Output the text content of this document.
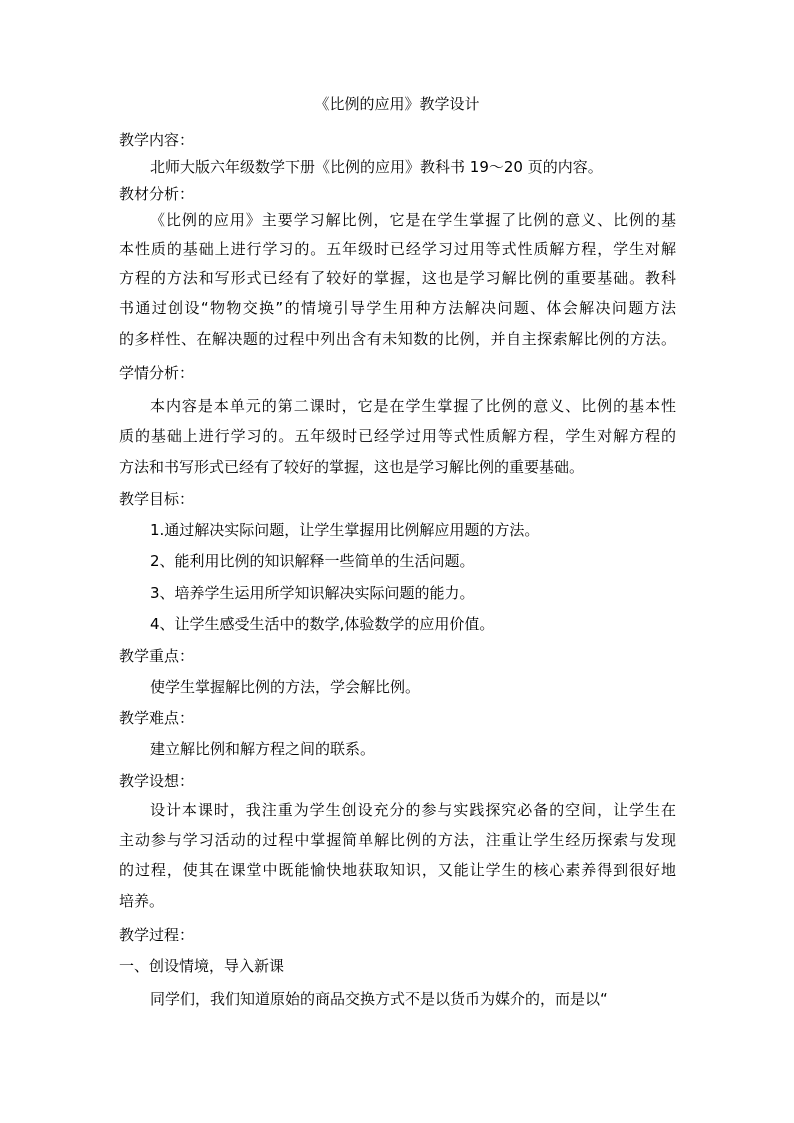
《比例的应用》教学设计
教学内容：
北师大版六年级数学下册《比例的应用》教科书 19～20 页的内容。
教材分析：
《比例的应用》主要学习解比例，它是在学生掌握了比例的意义、比例的基
本性质的基础上进行学习的。五年级时已经学习过用等式性质解方程，学生对解
方程的方法和写形式已经有了较好的掌握，这也是学习解比例的重要基础。教科
书通过创设“物物交换”的情境引导学生用种方法解决问题、体会解决问题方法
的多样性、在解决题的过程中列出含有未知数的比例，并自主探索解比例的方法。
学情分析：
本内容是本单元的第二课时，它是在学生掌握了比例的意义、比例的基本性
质的基础上进行学习的。五年级时已经学过用等式性质解方程，学生对解方程的
方法和书写形式已经有了较好的掌握，这也是学习解比例的重要基础。
教学目标：
1.通过解决实际问题，让学生掌握用比例解应用题的方法。
2、能利用比例的知识解释一些简单的生活问题。
3、培养学生运用所学知识解决实际问题的能力。
4、让学生感受生活中的数学,体验数学的应用价值。
教学重点：
使学生掌握解比例的方法，学会解比例。
教学难点：
建立解比例和解方程之间的联系。
教学设想：
设计本课时，我注重为学生创设充分的参与实践探究必备的空间，让学生在
主动参与学习活动的过程中掌握简单解比例的方法，注重让学生经历探索与发现
的过程，使其在课堂中既能愉快地获取知识，又能让学生的核心素养得到很好地
培养。
教学过程：
一、创设情境，导入新课
同学们，我们知道原始的商品交换方式不是以货币为媒介的，而是以“
